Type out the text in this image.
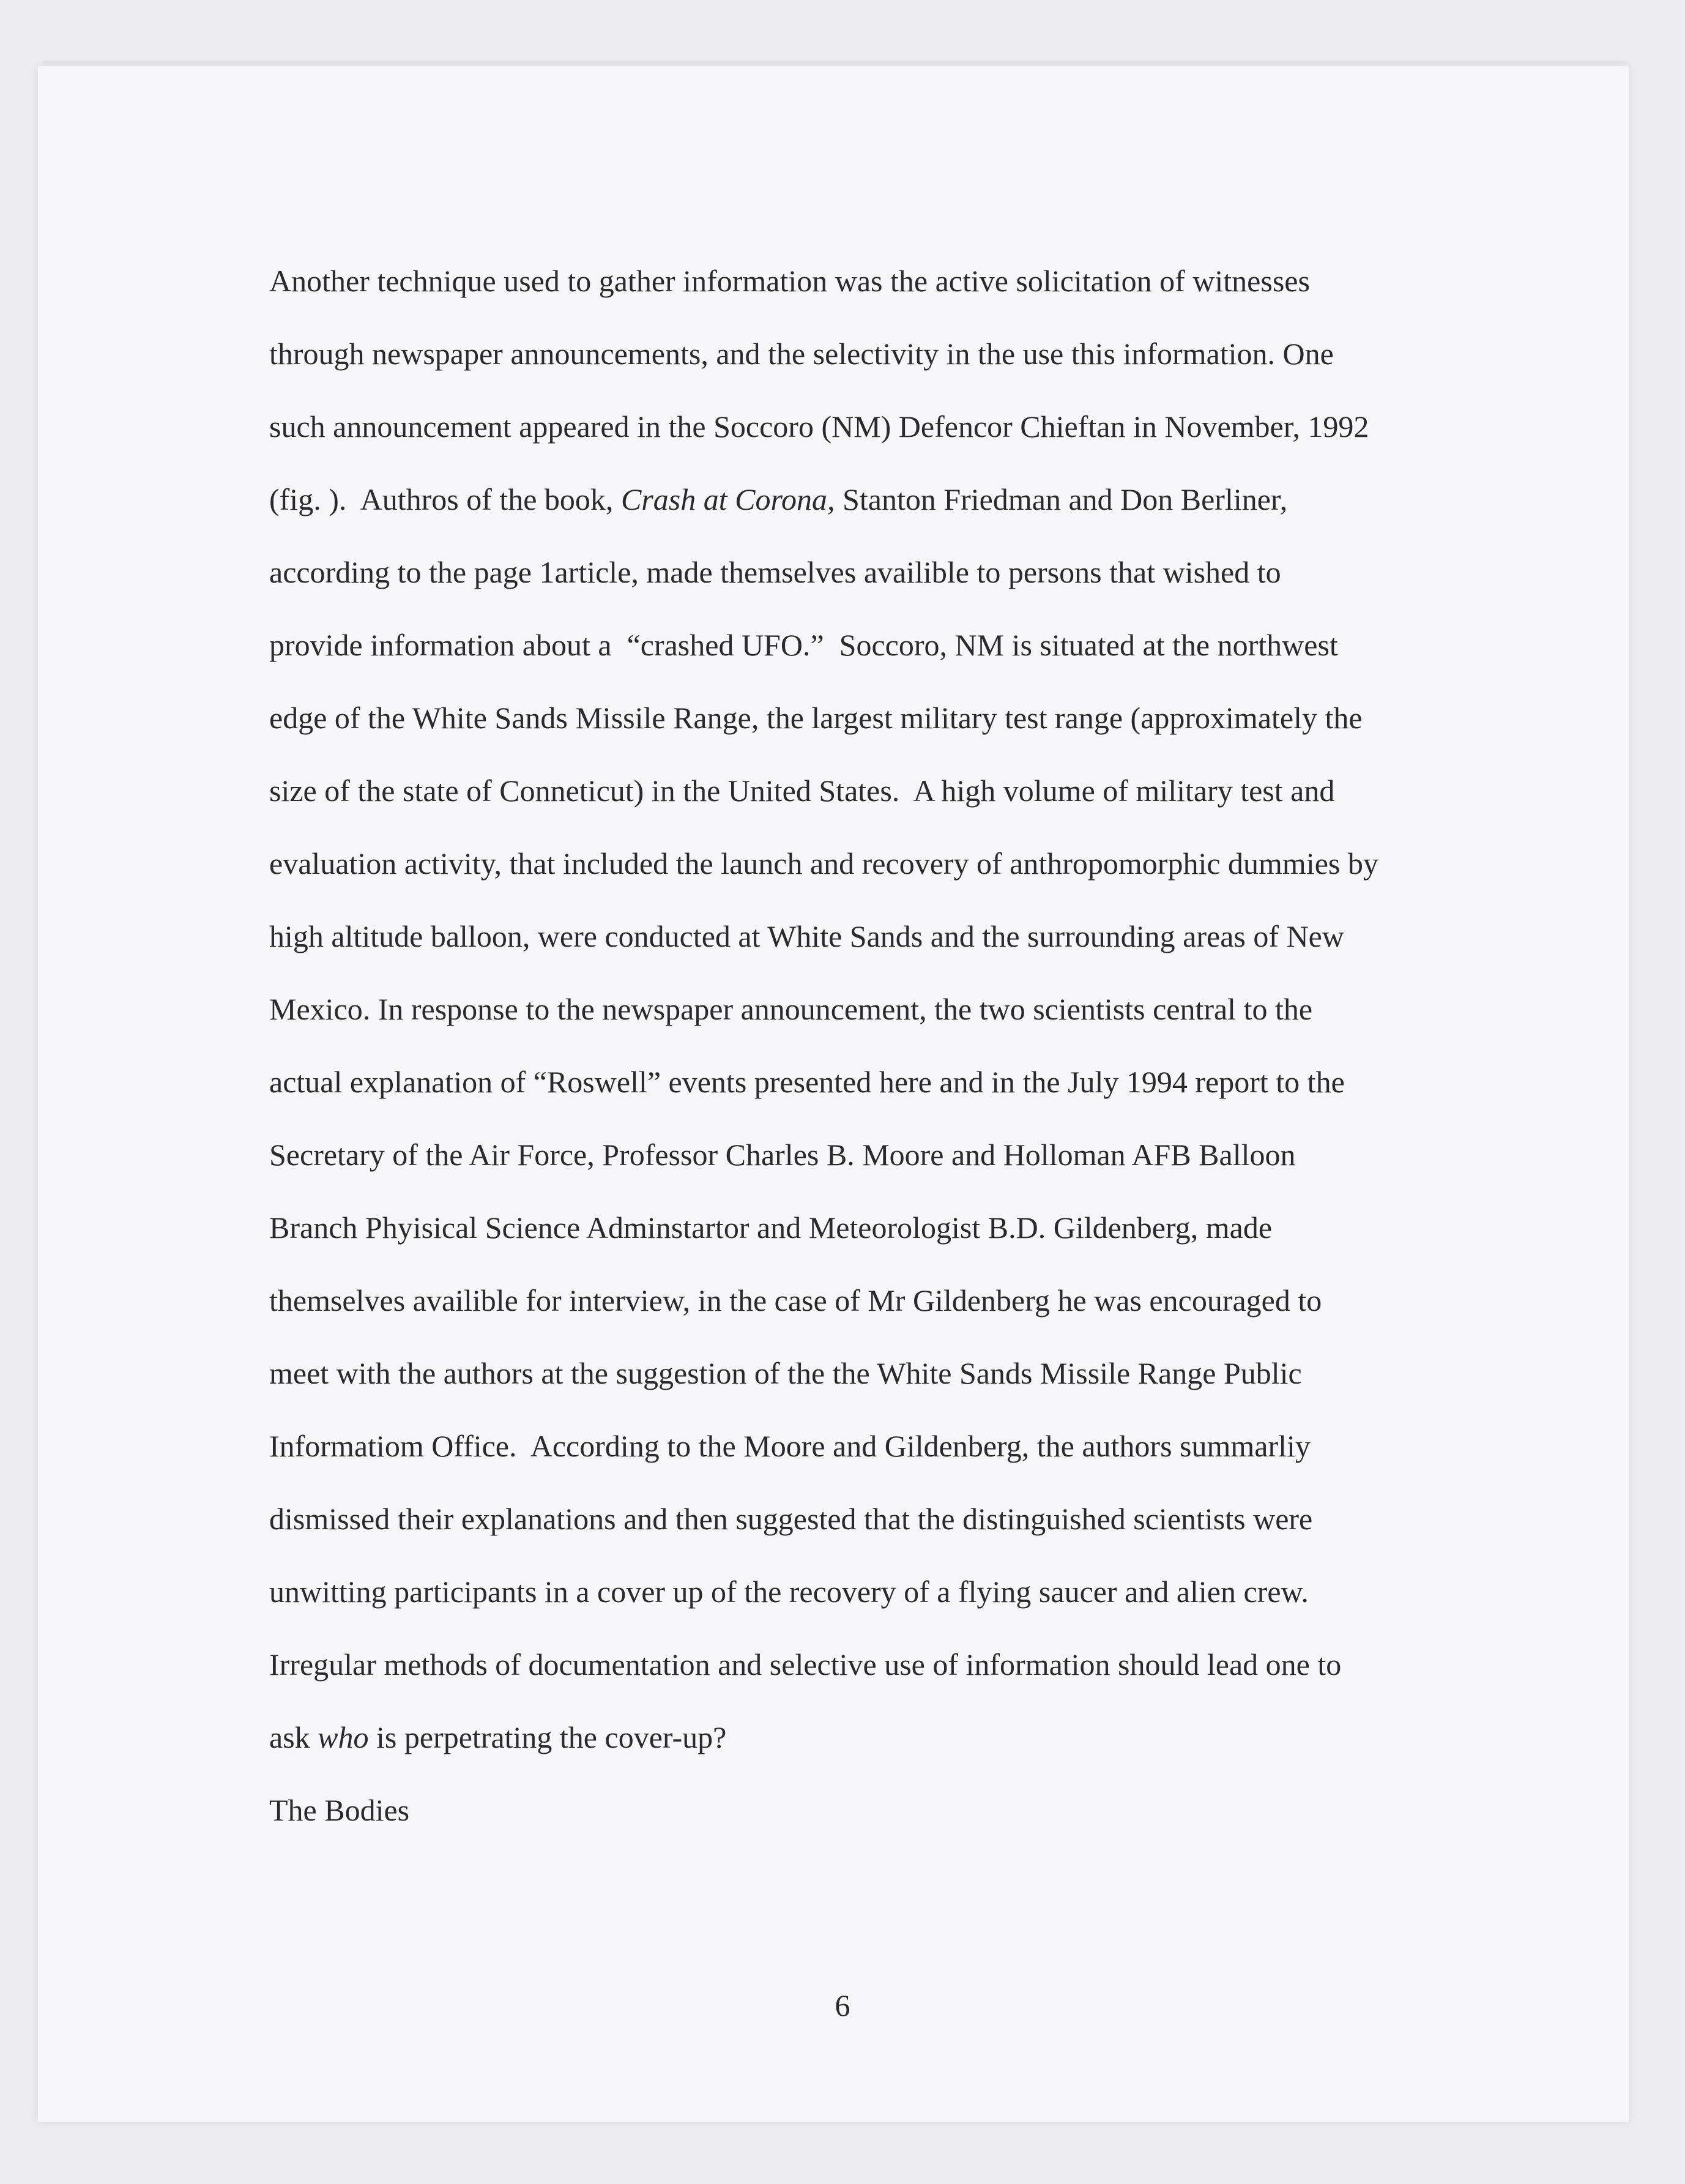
Another technique used to gather information was the active solicitation of witnesses
through newspaper announcements, and the selectivity in the use this information. One
such announcement appeared in the Soccoro (NM) Defencor Chieftan in November, 1992
(fig. ).  Authros of the book, Crash at Corona, Stanton Friedman and Don Berliner,
according to the page 1article, made themselves availible to persons that wished to
provide information about a  “crashed UFO.”  Soccoro, NM is situated at the northwest
edge of the White Sands Missile Range, the largest military test range (approximately the
size of the state of Conneticut) in the United States.  A high volume of military test and
evaluation activity, that included the launch and recovery of anthropomorphic dummies by
high altitude balloon, were conducted at White Sands and the surrounding areas of New
Mexico. In response to the newspaper announcement, the two scientists central to the
actual explanation of “Roswell” events presented here and in the July 1994 report to the
Secretary of the Air Force, Professor Charles B. Moore and Holloman AFB Balloon
Branch Phyisical Science Adminstartor and Meteorologist B.D. Gildenberg, made
themselves availible for interview, in the case of Mr Gildenberg he was encouraged to
meet with the authors at the suggestion of the the White Sands Missile Range Public
Informatiom Office.  According to the Moore and Gildenberg, the authors summarliy
dismissed their explanations and then suggested that the distinguished scientists were
unwitting participants in a cover up of the recovery of a flying saucer and alien crew.
Irregular methods of documentation and selective use of information should lead one to
ask who is perpetrating the cover-up?
The Bodies
6
